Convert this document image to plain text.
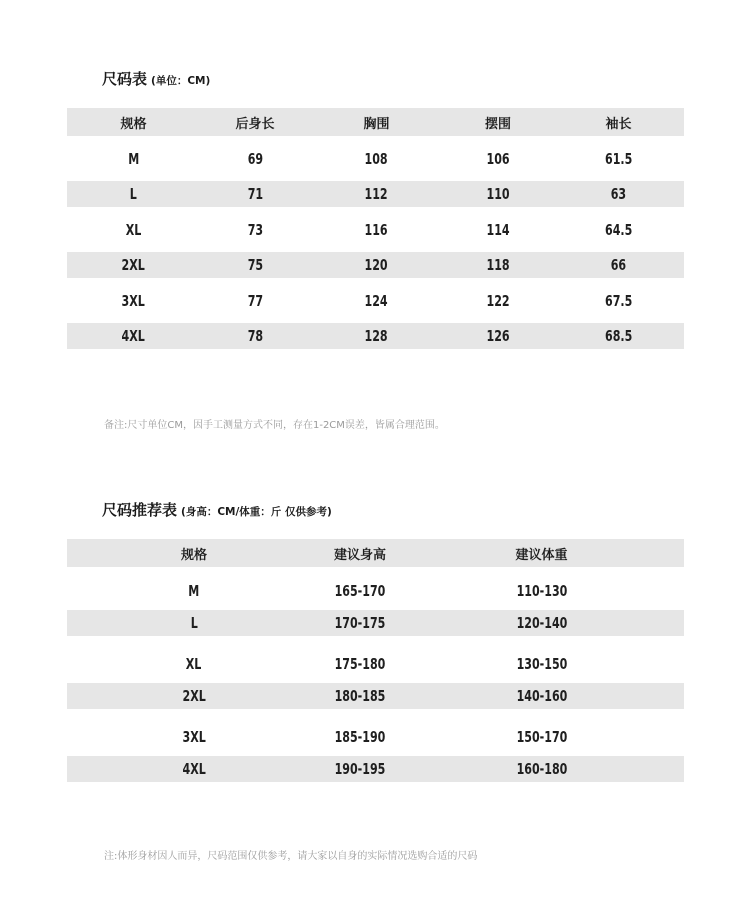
尺码表 (单位：CM)
规格	后身长	胸围	摆围	袖长
M	69	108	106	61.5
L	71	112	110	63
XL	73	116	114	64.5
2XL	75	120	118	66
3XL	77	124	122	67.5
4XL	78	128	126	68.5
备注:尺寸单位CM，因手工测量方式不同，存在1-2CM误差，皆属合理范围。
尺码推荐表 (身高：CM/体重：斤 仅供参考)
规格	建议身高	建议体重
M	165-170	110-130
L	170-175	120-140
XL	175-180	130-150
2XL	180-185	140-160
3XL	185-190	150-170
4XL	190-195	160-180
注:体形身材因人而异，尺码范围仅供参考，请大家以自身的实际情况选购合适的尺码
